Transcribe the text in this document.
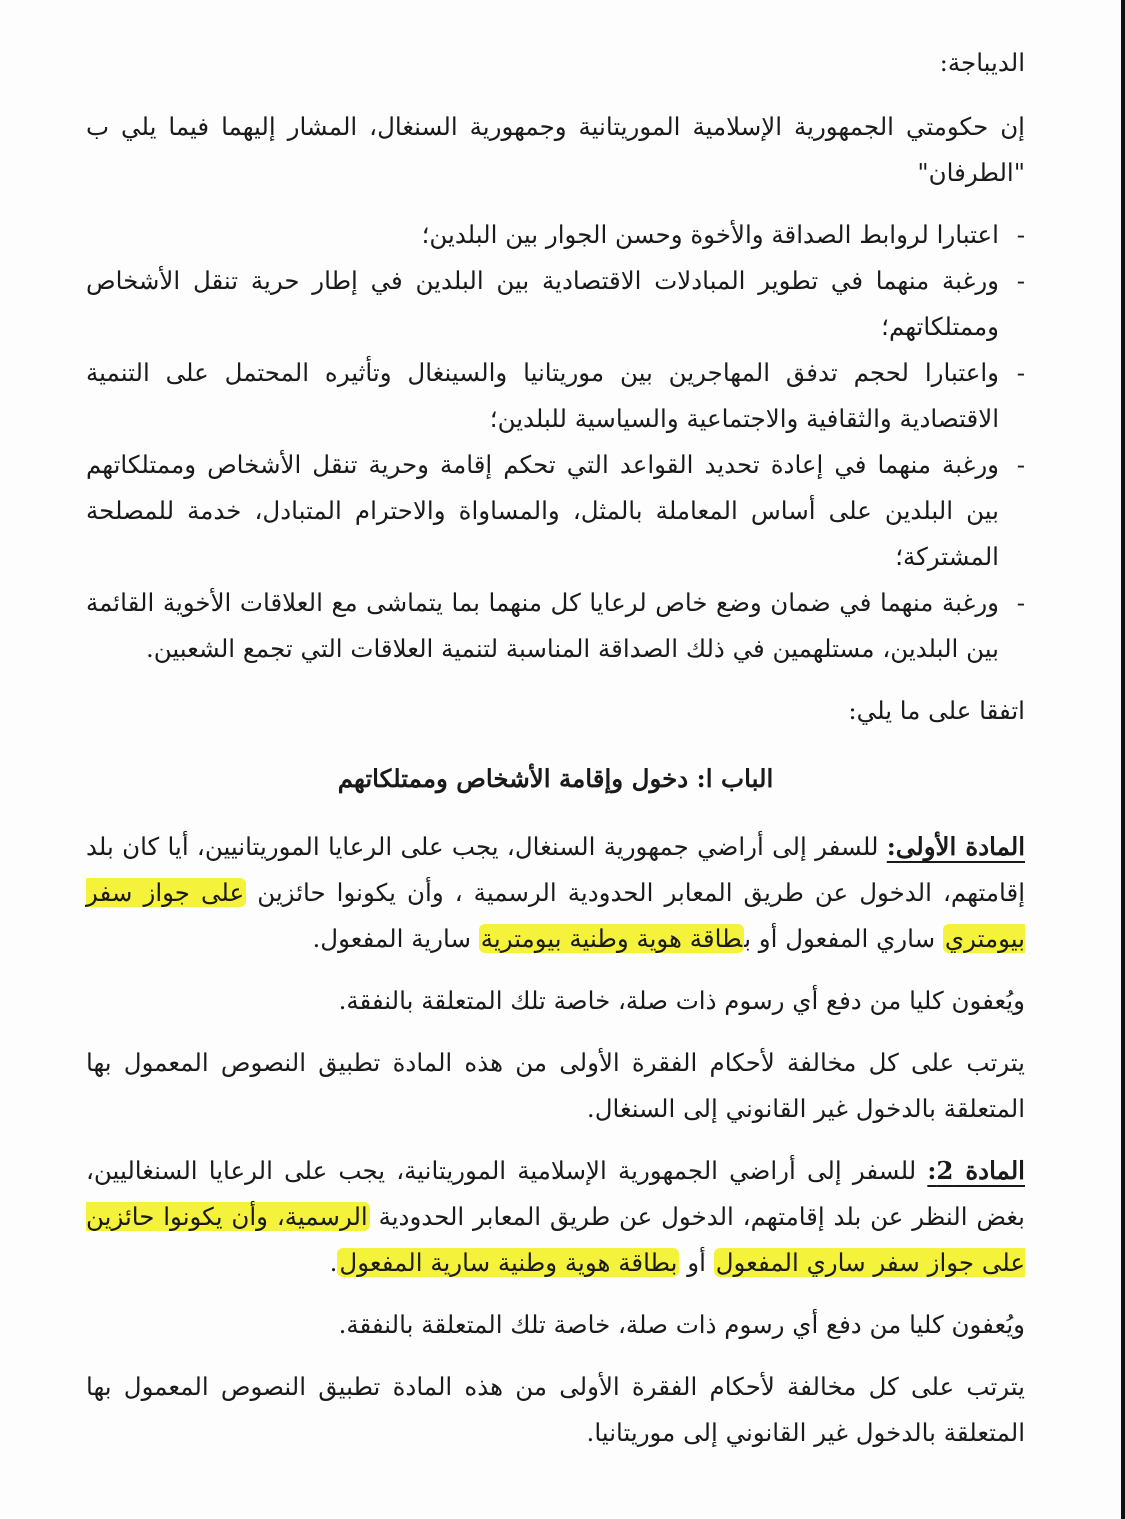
الديباجة:

إن حكومتي الجمهورية الإسلامية الموريتانية وجمهورية السنغال، المشار إليهما فيما يلي ب "الطرفان"

-
اعتبارا لروابط الصداقة والأخوة وحسن الجوار بين البلدين؛
-
ورغبة منهما في تطوير المبادلات الاقتصادية بين البلدين في إطار حرية تنقل الأشخاص وممتلكاتهم؛
-
واعتبارا لحجم تدفق المهاجرين بين موريتانيا والسينغال وتأثيره المحتمل على التنمية الاقتصادية والثقافية والاجتماعية والسياسية للبلدين؛
-
ورغبة منهما في إعادة تحديد القواعد التي تحكم إقامة وحرية تنقل الأشخاص وممتلكاتهم بين البلدين على أساس المعاملة بالمثل، والمساواة والاحترام المتبادل، خدمة للمصلحة المشتركة؛
-
ورغبة منهما في ضمان وضع خاص لرعايا كل منهما بما يتماشى مع العلاقات الأخوية القائمة بين البلدين، مستلهمين في ذلك الصداقة المناسبة لتنمية العلاقات التي تجمع الشعبين.

اتفقا على ما يلي:

الباب ا: دخول وإقامة الأشخاص وممتلكاتهم

المادة الأولى: للسفر إلى أراضي جمهورية السنغال، يجب على الرعايا الموريتانيين، أيا كان بلد إقامتهم، الدخول عن طريق المعابر الحدودية الرسمية ، وأن يكونوا حائزين على جواز سفر بيومتري ساري المفعول أو بطاقة هوية وطنية بيومترية سارية المفعول.

ويُعفون كليا من دفع أي رسوم ذات صلة، خاصة تلك المتعلقة بالنفقة.

يترتب على كل مخالفة لأحكام الفقرة الأولى من هذه المادة تطبيق النصوص المعمول بها المتعلقة بالدخول غير القانوني إلى السنغال.

المادة 2: للسفر إلى أراضي الجمهورية الإسلامية الموريتانية، يجب على الرعايا السنغاليين، بغض النظر عن بلد إقامتهم، الدخول عن طريق المعابر الحدودية الرسمية، وأن يكونوا حائزين على جواز سفر ساري المفعول أو بطاقة هوية وطنية سارية المفعول.

ويُعفون كليا من دفع أي رسوم ذات صلة، خاصة تلك المتعلقة بالنفقة.

يترتب على كل مخالفة لأحكام الفقرة الأولى من هذه المادة تطبيق النصوص المعمول بها المتعلقة بالدخول غير القانوني إلى موريتانيا.
